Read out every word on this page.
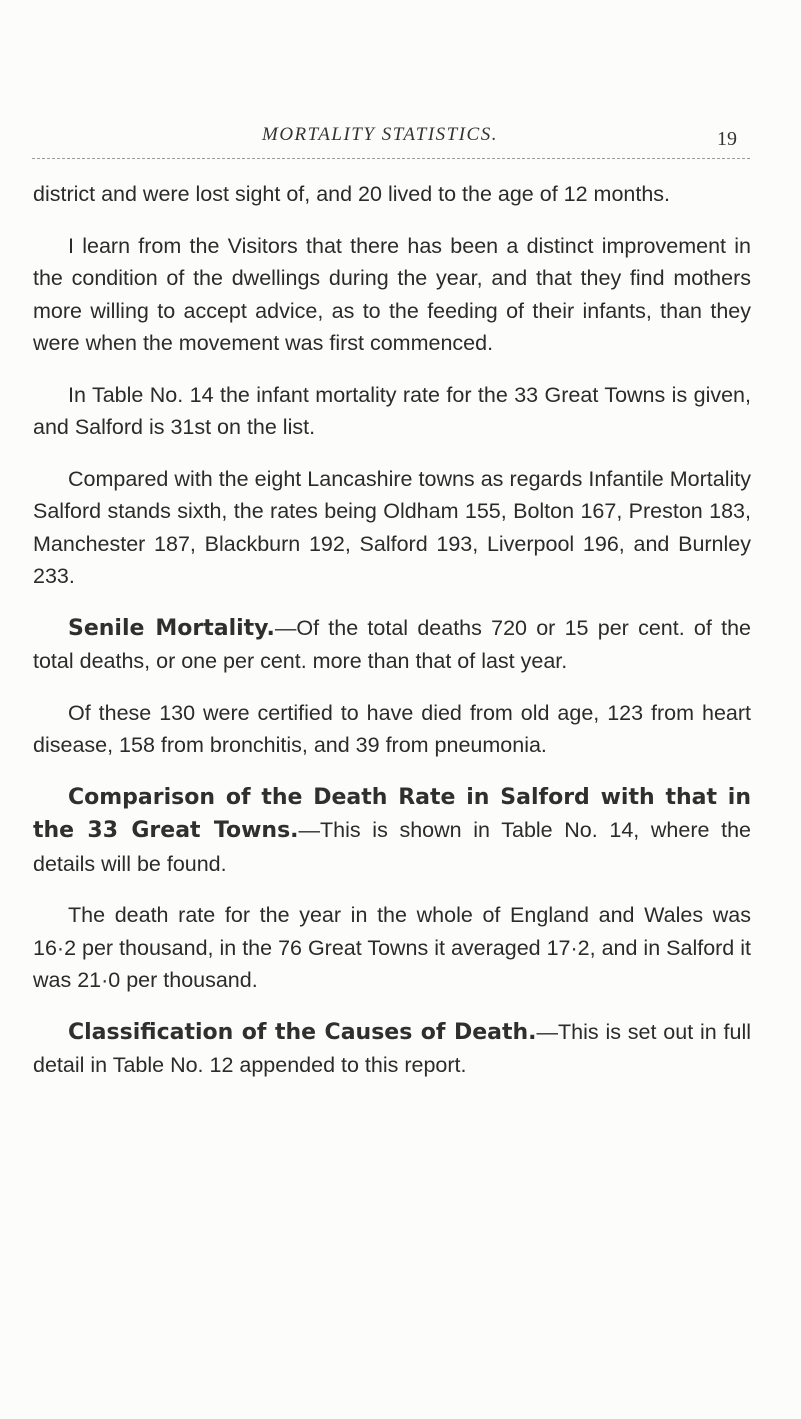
MORTALITY STATISTICS.	19

district and were lost sight of, and 20 lived to the age of 12 months.

I learn from the Visitors that there has been a distinct improvement in the condition of the dwellings during the year, and that they find mothers more willing to accept advice, as to the feeding of their infants, than they were when the movement was first commenced.

In Table No. 14 the infant mortality rate for the 33 Great Towns is given, and Salford is 31st on the list.

Compared with the eight Lancashire towns as regards Infantile Mortality Salford stands sixth, the rates being Oldham 155, Bolton 167, Preston 183, Manchester 187, Blackburn 192, Salford 193, Liverpool 196, and Burnley 233.

Senile Mortality.—Of the total deaths 720 or 15 per cent. of the total deaths, or one per cent. more than that of last year.

Of these 130 were certified to have died from old age, 123 from heart disease, 158 from bronchitis, and 39 from pneumonia.

Comparison of the Death Rate in Salford with that in the 33 Great Towns.—This is shown in Table No. 14, where the details will be found.

The death rate for the year in the whole of England and Wales was 16·2 per thousand, in the 76 Great Towns it averaged 17·2, and in Salford it was 21·0 per thousand.

Classification of the Causes of Death.—This is set out in full detail in Table No. 12 appended to this report.
